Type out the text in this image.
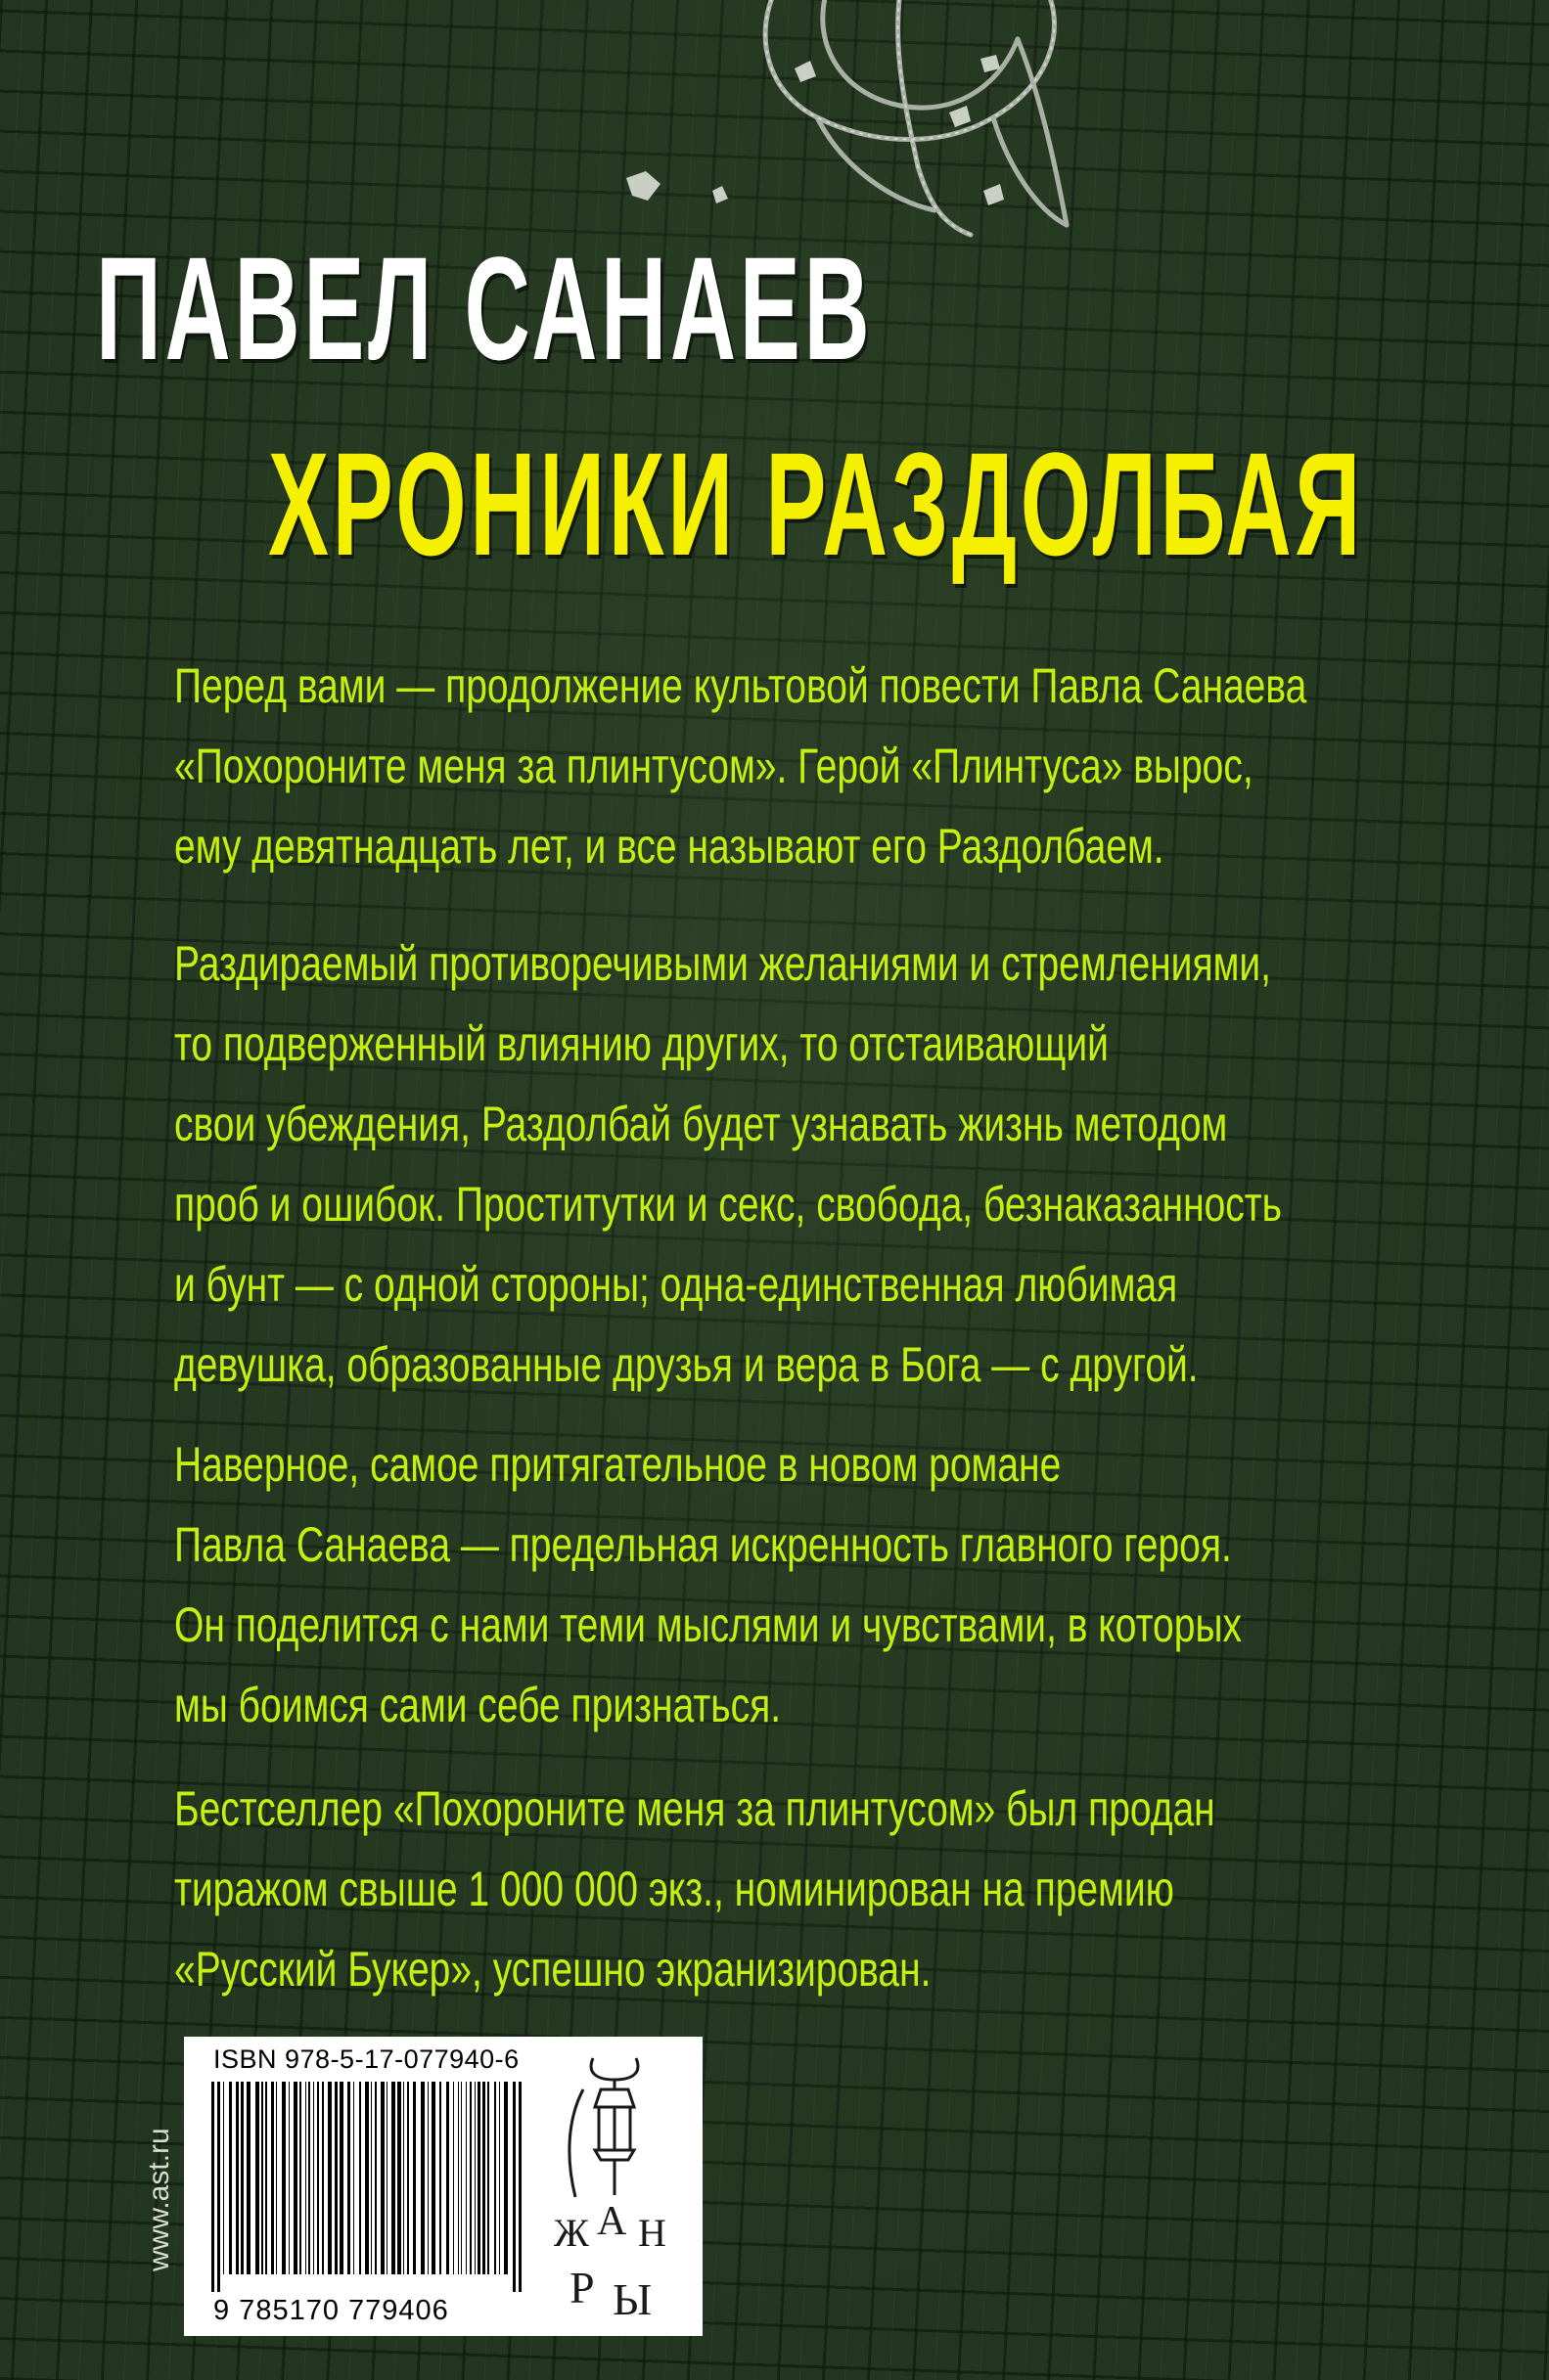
ПАВЕЛ САНАЕВ
ХРОНИКИ РАЗДОЛБАЯ

Перед вами — продолжение культовой повести Павла Санаева
«Похороните меня за плинтусом». Герой «Плинтуса» вырос,
ему девятнадцать лет, и все называют его Раздолбаем.

Раздираемый противоречивыми желаниями и стремлениями,
то подверженный влиянию других, то отстаивающий
свои убеждения, Раздолбай будет узнавать жизнь методом
проб и ошибок. Проститутки и секс, свобода, безнаказанность
и бунт — с одной стороны; одна-единственная любимая
девушка, образованные друзья и вера в Бога — с другой.

Наверное, самое притягательное в новом романе
Павла Санаева — предельная искренность главного героя.
Он поделится с нами теми мыслями и чувствами, в которых
мы боимся сами себе признаться.

Бестселлер «Похороните меня за плинтусом» был продан
тиражом свыше 1 000 000 экз., номинирован на премию
«Русский Букер», успешно экранизирован.

ISBN 978-5-17-077940-6

9 785170 779406

Ж А Н
Р Ы

www.ast.ru
